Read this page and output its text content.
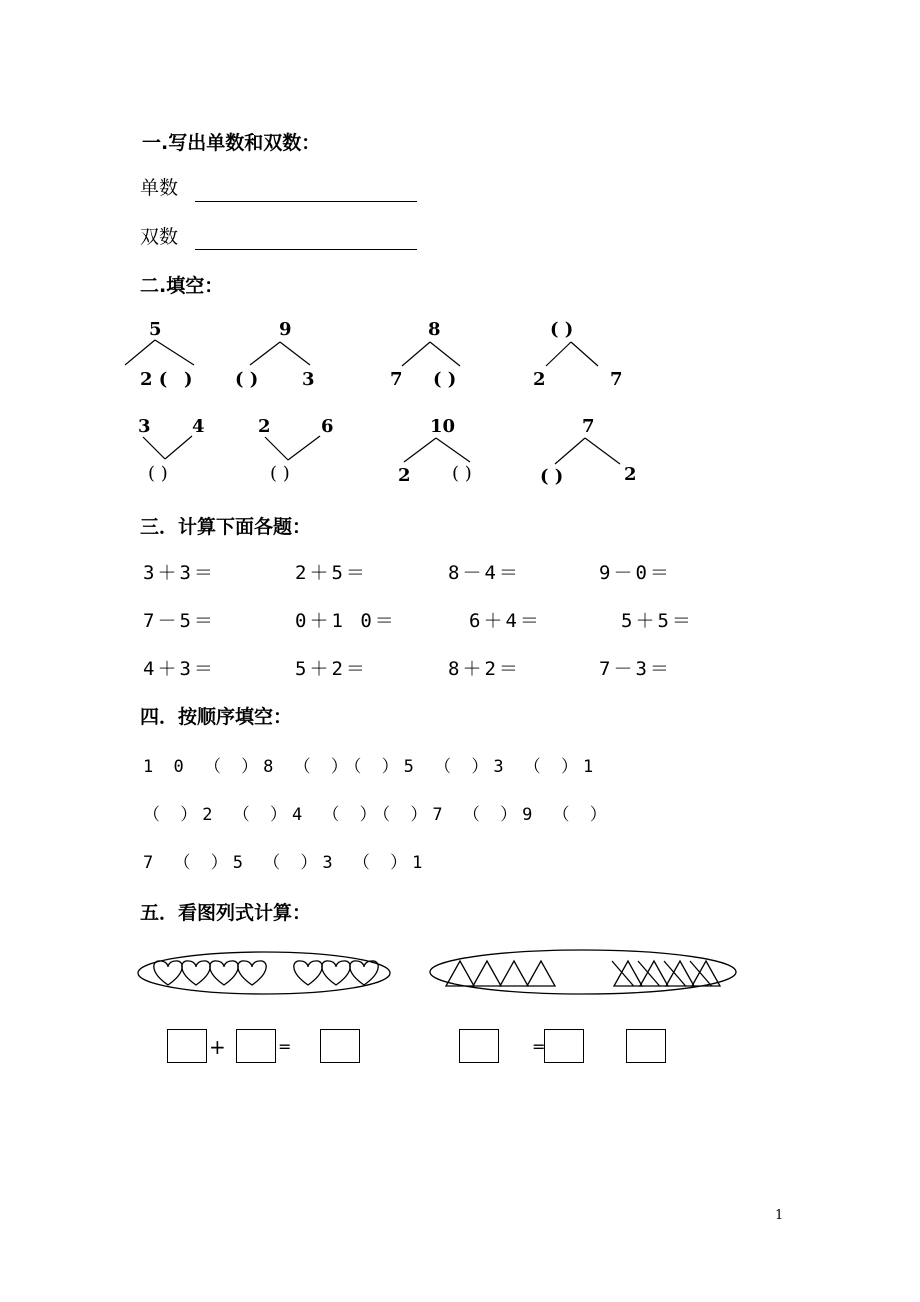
一.写出单数和双数：
单数
双数
二.填空：
5
2 ( )
9
( ) 3
8
7 ( )
( )
2	7
3 4
( )
2	6
( )
10
2 ( )
7
( )	2
三．计算下面各题：
3＋3＝	2＋5＝	8－4＝	9－0＝
7－5＝	0＋1 0＝	6＋4＝	5＋5＝
4＋3＝	5＋2＝	8＋2＝	7－3＝
四．按顺序填空：
1 0 （ ）8 （ ）（ ）5 （ ）3 （ ）1
（ ）2 （ ）4 （ ）（ ）7 （ ）9 （ ）
7 （ ）5 （ ）3 （ ）1
五．看图列式计算：
+	=	=
1
